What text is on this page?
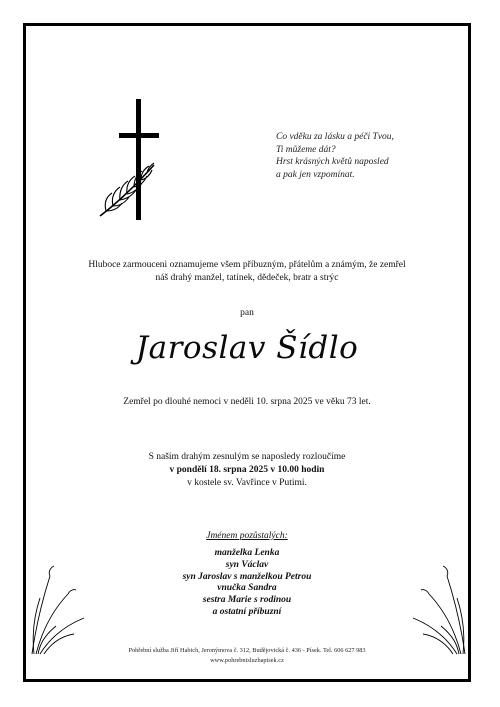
Co vděku za lásku a péči Tvou,
Ti můžeme dát?
Hrst krásných květů naposled
a pak jen vzpomínat.
Hluboce zarmouceni oznamujeme všem příbuzným, přátelům a známým, že zemřel
náš drahý manžel, tatínek, dědeček, bratr a strýc
pan
Jaroslav Šídlo
Zemřel po dlouhé nemoci v neděli 10. srpna 2025 ve věku 73 let.
S naším drahým zesnulým se naposledy rozloučíme
v pondělí 18. srpna 2025 v 10.00 hodin
v kostele sv. Vavřince v Putimi.
Jménem pozůstalých:
manželka Lenka
syn Václav
syn Jaroslav s manželkou Petrou
vnučka Sandra
sestra Marie s rodinou
a ostatní příbuzní
Pohřební služba Jiří Habich, Jeronýmova č. 312, Budějovická č. 436 - Písek. Tel. 606 627 983
www.pohrebnisluzbapisek.cz
